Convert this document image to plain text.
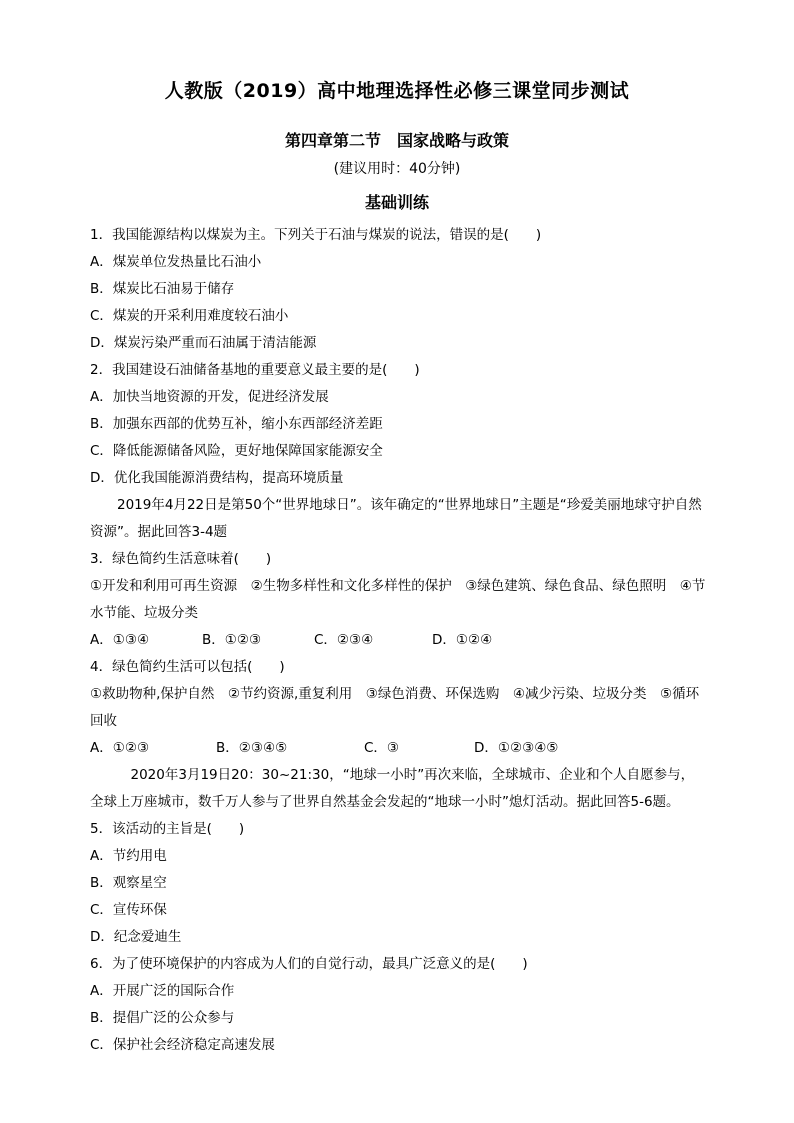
人教版（2019）高中地理选择性必修三课堂同步测试
第四章第二节　国家战略与政策
(建议用时：40分钟)
基础训练
1．我国能源结构以煤炭为主。下列关于石油与煤炭的说法，错误的是(　　)
A．煤炭单位发热量比石油小
B．煤炭比石油易于储存
C．煤炭的开采利用难度较石油小
D．煤炭污染严重而石油属于清洁能源
2．我国建设石油储备基地的重要意义最主要的是(　　)
A．加快当地资源的开发，促进经济发展
B．加强东西部的优势互补，缩小东西部经济差距
C．降低能源储备风险，更好地保障国家能源安全
D．优化我国能源消费结构，提高环境质量
2019年4月22日是第50个“世界地球日”。该年确定的“世界地球日”主题是“珍爱美丽地球守护自然资源”。据此回答3-4题
3．绿色简约生活意味着(　　)
①开发和利用可再生资源　②生物多样性和文化多样性的保护　③绿色建筑、绿色食品、绿色照明　④节水节能、垃圾分类
A．①③④	B．①②③	C．②③④	D．①②④
4．绿色简约生活可以包括(　　)
①救助物种,保护自然　②节约资源,重复利用　③绿色消费、环保选购　④减少污染、垃圾分类　⑤循环回收
A．①②③	B．②③④⑤	C．③	D．①②③④⑤
2020年3月19日20：30~21:30，“地球一小时”再次来临，全球城市、企业和个人自愿参与，全球上万座城市，数千万人参与了世界自然基金会发起的“地球一小时”熄灯活动。据此回答5-6题。
5．该活动的主旨是(　　)
A．节约用电
B．观察星空
C．宣传环保
D．纪念爱迪生
6．为了使环境保护的内容成为人们的自觉行动，最具广泛意义的是(　　)
A．开展广泛的国际合作
B．提倡广泛的公众参与
C．保护社会经济稳定高速发展
